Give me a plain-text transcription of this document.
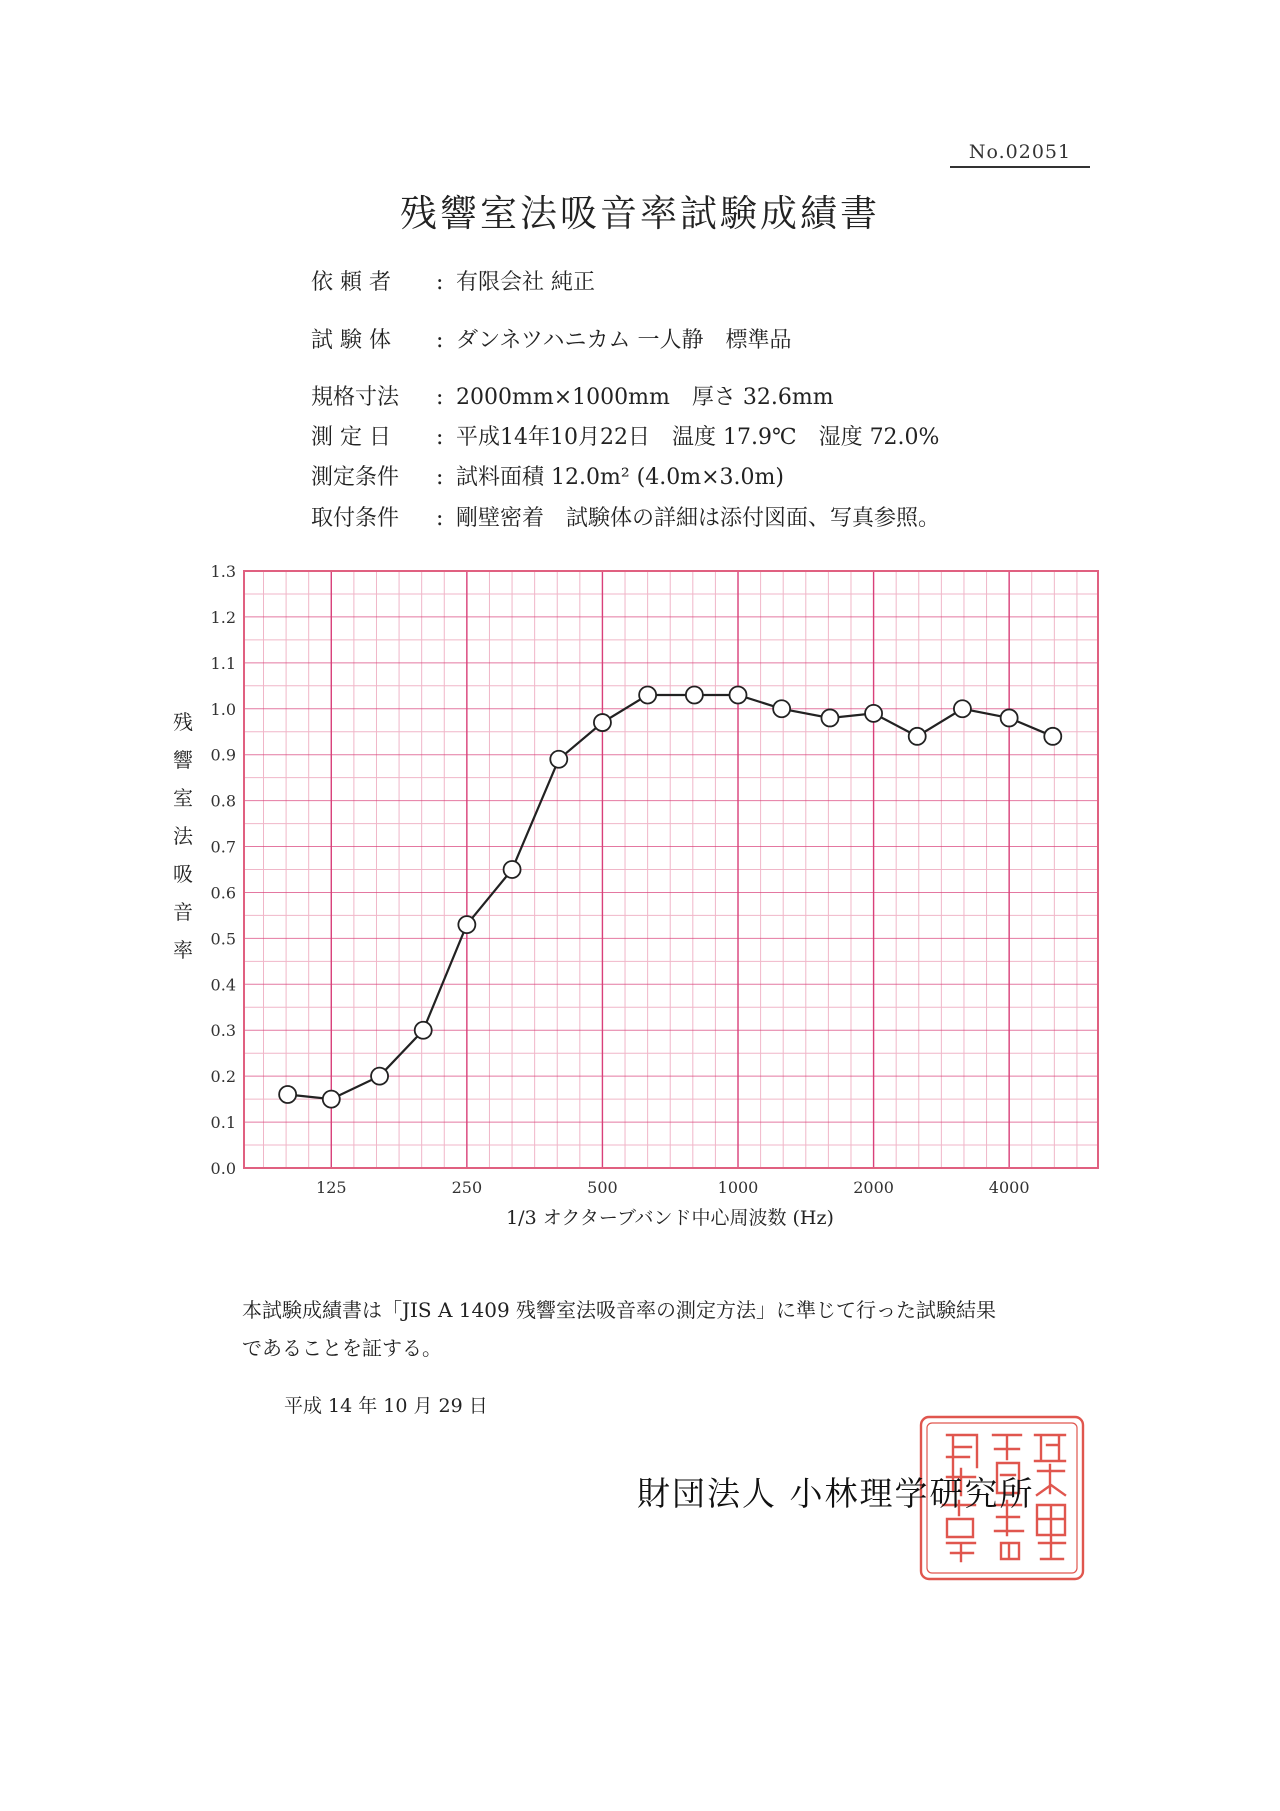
No.02051
残響室法吸音率試験成績書
依 頼 者 : 有限会社 純正
試 験 体 : ダンネツハニカム 一人静　標準品
規格寸法 : 2000mm×1000mm　厚さ 32.6mm
測 定 日 : 平成14年10月22日　温度 17.9℃　湿度 72.0%
測定条件 : 試料面積 12.0m² (4.0m×3.0m)
取付条件 : 剛壁密着　試験体の詳細は添付図面、写真参照。
0.0
0.1
0.2
0.3
0.4
0.5
0.6
0.7
0.8
0.9
1.0
1.1
1.2
1.3
125	250	500	1000	2000	4000
残
響
室
法
吸
音
率
1/3 オクターブバンド中心周波数 (Hz)
本試験成績書は「JIS A 1409 残響室法吸音率の測定方法」に準じて行った試験結果
であることを証する。
平成 14 年 10 月 29 日
財団法人 小林理学研究所
